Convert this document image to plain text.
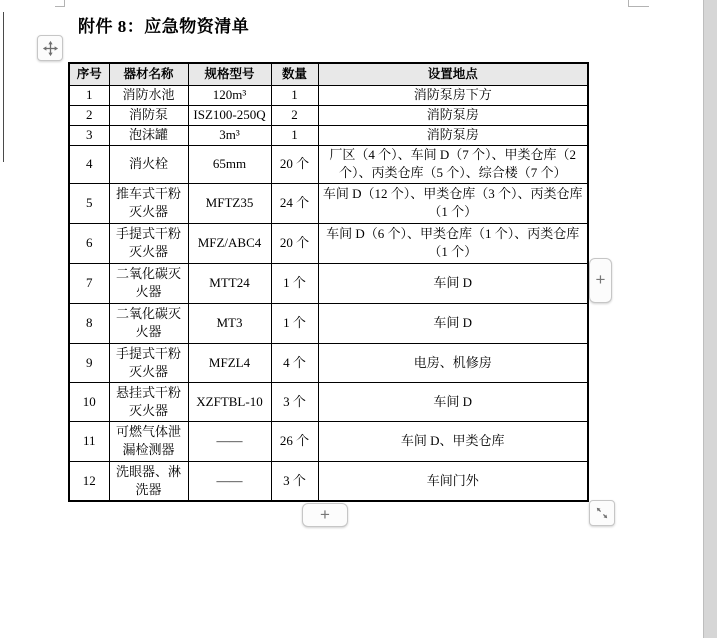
附件 8：应急物资清单
序号	器材名称	规格型号	数量	设置地点
1	消防水池	120m³	1	消防泵房下方
2	消防泵	ISZ100-250Q	2	消防泵房
3	泡沫罐	3m³	1	消防泵房
4	消火栓	65mm	20 个	厂区（4 个）、车间 D（7 个）、甲类仓库（2 个）、丙类仓库（5 个）、综合楼（7 个）
5	推车式干粉灭火器	MFTZ35	24 个	车间 D（12 个）、甲类仓库（3 个）、丙类仓库（1 个）
6	手提式干粉灭火器	MFZ/ABC4	20 个	车间 D（6 个）、甲类仓库（1 个）、丙类仓库（1 个）
7	二氧化碳灭火器	MTT24	1 个	车间 D
8	二氧化碳灭火器	MT3	1 个	车间 D
9	手提式干粉灭火器	MFZL4	4 个	电房、机修房
10	悬挂式干粉灭火器	XZFTBL-10	3 个	车间 D
11	可燃气体泄漏检测器	——	26 个	车间 D、甲类仓库
12	洗眼器、淋洗器	——	3 个	车间门外
+
+
